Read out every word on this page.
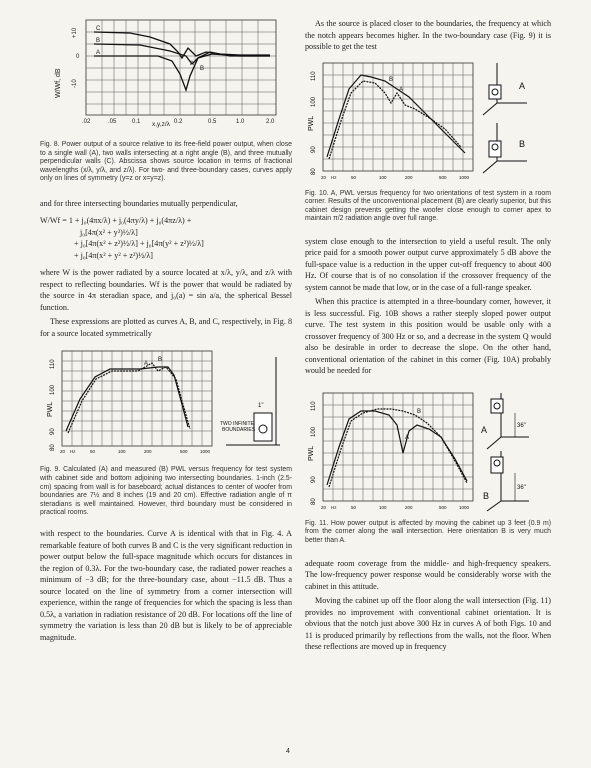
C
B
A
A
B
+10
0
-10
W/Wf, dB
.02	.05	0.1 x,y,z/λ 0.2	0.5	1.0	2.0

Fig. 8. Power output of a source relative to its free-field power output, when close to a single wall (A), two walls intersecting at a right angle (B), and three mutually perpendicular walls (C). Abscissa shows source location in terms of fractional wavelengths (x/λ, y/λ, and z/λ). For two- and three-boundary cases, curves apply only on lines of symmetry (y=z or x=y=z).

and for three intersecting boundaries mutually perpendicular,

W/Wf = 1 + j₀(4πx/λ) + j₀(4πy/λ) + j₀(4πz/λ) +
j₀[4π(x² + y²)½/λ]
+ j₀[4π(x² + z²)½/λ] + j₀[4π(y² + z²)½/λ]
+ j₀[4π(x² + y² + z²)½/λ]

where W is the power radiated by a source located at x/λ, y/λ, and z/λ with respect to reflecting boundaries. Wf is the power that would be radiated by the source in 4π steradian space, and j₀(a) = sin a/a, the spherical Bessel function.

These expressions are plotted as curves A, B, and C, respectively, in Fig. 8 for a source located symmetrically

A
B
110
100
PWL
90
80
20 Hz	50	100	200	500	1000
1"
TWO INFINITE
BOUNDARIES

Fig. 9. Calculated (A) and measured (B) PWL versus frequency for test system with cabinet side and bottom adjoining two intersecting boundaries. 1-inch (2.5-cm) spacing from wall is for baseboard; actual distances to center of woofer from boundaries are 7½ and 8 inches (19 and 20 cm). Effective radiation angle of π steradians is well maintained. However, third boundary must be considered in practical rooms.

with respect to the boundaries. Curve A is identical with that in Fig. 4. A remarkable feature of both curves B and C is the very significant reduction in power output below the full-space magnitude which occurs for distances in the region of 0.3λ. For the two-boundary case, the radiated power reaches a minimum of −3 dB; for the three-boundary case, about −11.5 dB. Thus a source located on the line of symmetry from a corner intersection will experience, within the range of frequencies for which the spacing is less than 0.5λ, a variation in radiation resistance of 20 dB. For locations off the line of symmetry the variation is less than 20 dB but is likely to be of appreciable magnitude.

As the source is placed closer to the boundaries, the frequency at which the notch appears becomes higher. In the two-boundary case (Fig. 9) it is possible to get the test

B
A
110
100
PWL
90
80
20 Hz	50	100	200	500	1000
A
B

Fig. 10. A, PWL versus frequency for two orientations of test system in a room corner. Results of the unconventional placement (B) are clearly superior, but this cabinet design prevents getting the woofer close enough to corner apex to maintain π/2 radiation angle over full range.

system close enough to the intersection to yield a useful result. The only price paid for a smooth power output curve approximately 5 dB above the full-space value is a reduction in the upper cut-off frequency to about 400 Hz. Of course that is of no consolation if the crossover frequency of the system cannot be made that low, or in the case of a full-range speaker.

When this practice is attempted in a three-boundary corner, however, it is less successful. Fig. 10B shows a rather steeply sloped power output curve. The test system in this position would be usable only with a crossover frequency of 300 Hz or so, and a decrease in the system Q would also be desirable in order to decrease the slope. On the other hand, conventional orientation of the cabinet in this corner (Fig. 10A) probably would be needed for

A
B
110
100
PWL
90
80
20 Hz	50	100	200	500	1000
A
B
36"
36"

Fig. 11. How power output is affected by moving the cabinet up 3 feet (0.9 m) from the corner along the wall intersection. Here orientation B is very much better than A.

adequate room coverage from the middle- and high-frequency speakers. The low-frequency power response would be considerably worse with the cabinet in this attitude.

Moving the cabinet up off the floor along the wall intersection (Fig. 11) provides no improvement with conventional cabinet orientation. It is obvious that the notch just above 300 Hz in curves A of both Figs. 10 and 11 is produced primarily by reflections from the walls, not the floor. When these reflections are moved up in frequency

4
